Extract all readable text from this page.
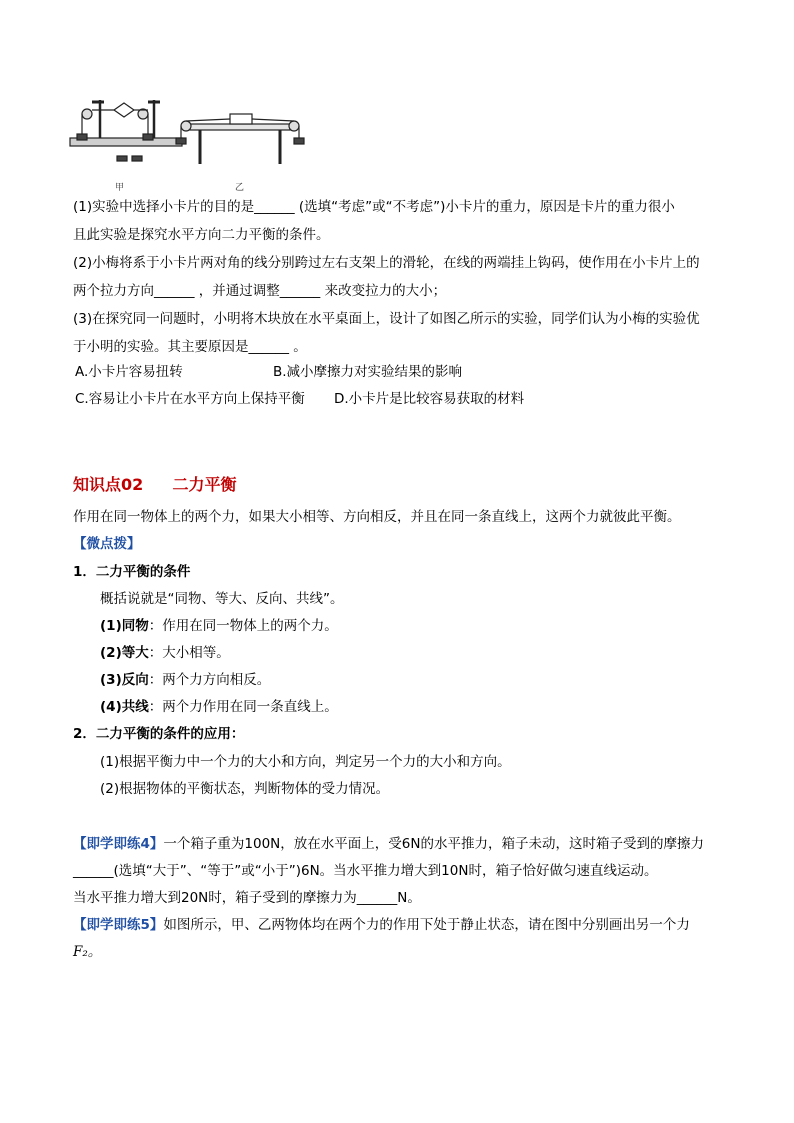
甲	乙
(1)实验中选择小卡片的目的是______ (选填“考虑”或“不考虑”)小卡片的重力，原因是卡片的重力很小
且此实验是探究水平方向二力平衡的条件。
(2)小梅将系于小卡片两对角的线分别跨过左右支架上的滑轮，在线的两端挂上钩码，使作用在小卡片上的
两个拉力方向______ ，并通过调整______ 来改变拉力的大小；
(3)在探究同一问题时，小明将木块放在水平桌面上，设计了如图乙所示的实验，同学们认为小梅的实验优
于小明的实验。其主要原因是______ 。
A.小卡片容易扭转	B.减小摩擦力对实验结果的影响
C.容易让小卡片在水平方向上保持平衡 D.小卡片是比较容易获取的材料
知识点02 二力平衡
作用在同一物体上的两个力，如果大小相等、方向相反，并且在同一条直线上，这两个力就彼此平衡。
【微点拨】
1．二力平衡的条件
概括说就是“同物、等大、反向、共线”。
(1)同物：作用在同一物体上的两个力。
(2)等大：大小相等。
(3)反向：两个力方向相反。
(4)共线：两个力作用在同一条直线上。
2．二力平衡的条件的应用：
(1)根据平衡力中一个力的大小和方向，判定另一个力的大小和方向。
(2)根据物体的平衡状态，判断物体的受力情况。
【即学即练4】一个箱子重为100N，放在水平面上，受6N的水平推力，箱子未动，这时箱子受到的摩擦力
______(选填“大于”、“等于”或“小于”)6N。当水平推力增大到10N时，箱子恰好做匀速直线运动。
当水平推力增大到20N时，箱子受到的摩擦力为______N。
【即学即练5】如图所示，甲、乙两物体均在两个力的作用下处于静止状态，请在图中分别画出另一个力
F₂。
